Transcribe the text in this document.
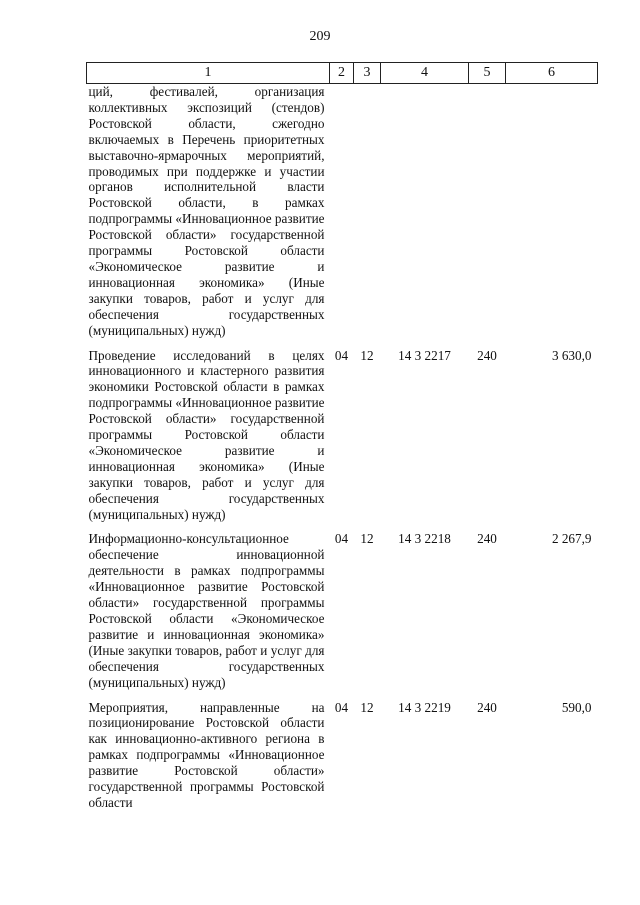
209
1	2	3	4	5	6
ций, фестивалей, организация коллективных экспозиций (стендов) Ростовской области, сжегодно включаемых в Перечень приоритетных выставочно-ярмарочных мероприятий, проводимых при поддержке и участии органов исполнительной власти Ростовской области, в рамках подпрограммы «Инновационное развитие Ростовской области» государственной программы Ростовской области «Экономическое развитие и инновационная экономика» (Иные закупки товаров, работ и услуг для обеспечения государственных (муниципальных) нужд)					
Проведение исследований в целях инновационного и кластерного развития экономики Ростовской области в рамках подпрограммы «Инновационное развитие Ростовской области» государственной программы Ростовской области «Экономическое развитие и инновационная экономика» (Иные закупки товаров, работ и услуг для обеспечения государственных (муниципальных) нужд)	04	12	14 3 2217	240	3 630,0
Информационно-консультационное обеспечение инновационной деятельности в рамках подпрограммы «Инновационное развитие Ростовской области» государственной программы Ростовской области «Экономическое развитие и инновационная экономика» (Иные закупки товаров, работ и услуг для обеспечения государственных (муниципальных) нужд)	04	12	14 3 2218	240	2 267,9
Мероприятия, направленные на позиционирование Ростовской области как инновационно-активного региона в рамках подпрограммы «Инновационное развитие Ростовской области» государственной программы Ростовской области	04	12	14 3 2219	240	590,0
